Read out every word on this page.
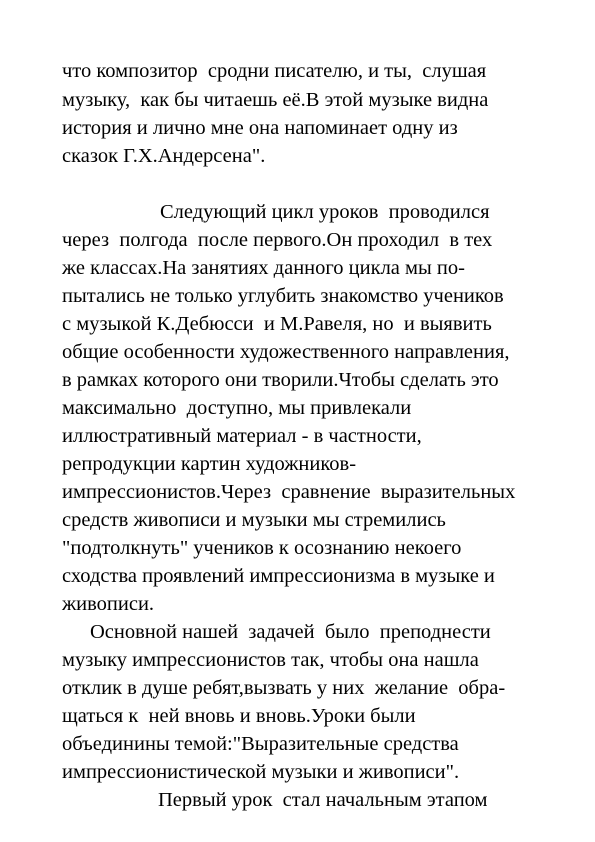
что композитор  сродни писателю, и ты,  слушая
музыку,  как бы читаешь её.В этой музыке видна
история и лично мне она напоминает одну из
сказок Г.Х.Андерсена".
Следующий цикл уроков  проводился
через  полгода  после первого.Он проходил  в тех
же классах.На занятиях данного цикла мы по-
пытались не только углубить знакомство учеников
с музыкой К.Дебюсси  и М.Равеля, но  и выявить
общие особенности художественного направления,
в рамках которого они творили.Чтобы сделать это
максимально  доступно, мы привлекали
иллюстративный материал - в частности,
репродукции картин художников-
импрессионистов.Через  сравнение  выразительных
средств живописи и музыки мы стремились
"подтолкнуть" учеников к осознанию некоего
сходства проявлений импрессионизма в музыке и
живописи.
Основной нашей  задачей  было  преподнести
музыку импрессионистов так, чтобы она нашла
отклик в душе ребят,вызвать у них  желание  обра-
щаться к  ней вновь и вновь.Уроки были
объединины темой:"Выразительные средства
импрессионистической музыки и живописи".
Первый урок  стал начальным этапом
